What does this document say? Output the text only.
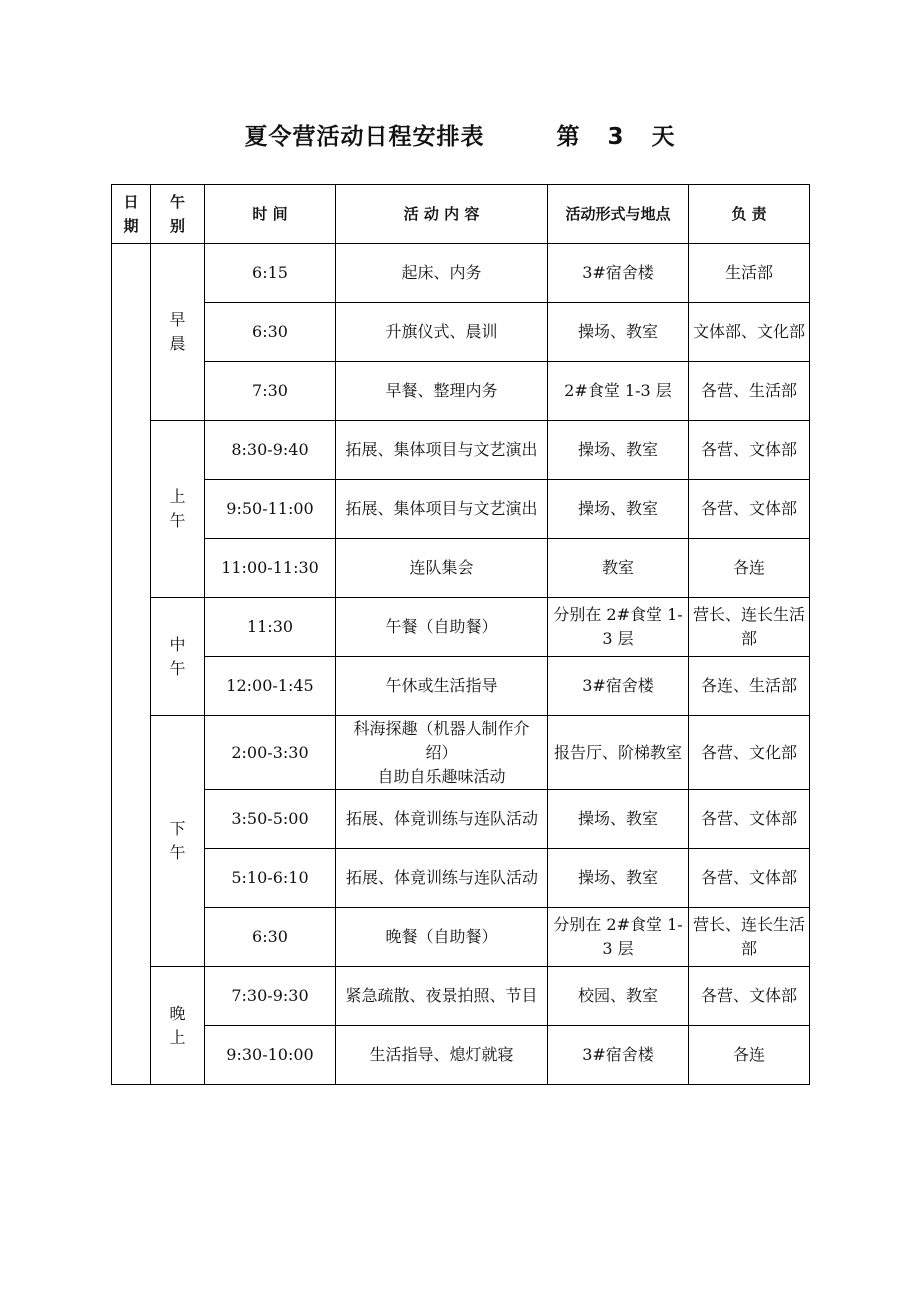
夏令营活动日程安排表        第   3   天
日期	午别	时 间	活 动 内 容	活动形式与地点	负 责
	早晨	6:15	起床、内务	3#宿舍楼	生活部
		6:30	升旗仪式、晨训	操场、教室	文体部、文化部
		7:30	早餐、整理内务	2#食堂 1-3 层	各营、生活部
	上午	8:30-9:40	拓展、集体项目与文艺演出	操场、教室	各营、文体部
		9:50-11:00	拓展、集体项目与文艺演出	操场、教室	各营、文体部
		11:00-11:30	连队集会	教室	各连
	中午	11:30	午餐（自助餐）	分别在 2#食堂 1-3 层	营长、连长生活部
		12:00-1:45	午休或生活指导	3#宿舍楼	各连、生活部
	下午	2:00-3:30	科海探趣（机器人制作介绍）
自助自乐趣味活动	报告厅、阶梯教室	各营、文化部
		3:50-5:00	拓展、体竟训练与连队活动	操场、教室	各营、文体部
		5:10-6:10	拓展、体竟训练与连队活动	操场、教室	各营、文体部
		6:30	晚餐（自助餐）	分别在 2#食堂 1-3 层	营长、连长生活部
	晚上	7:30-9:30	紧急疏散、夜景拍照、节目	校园、教室	各营、文体部
		9:30-10:00	生活指导、熄灯就寝	3#宿舍楼	各连
